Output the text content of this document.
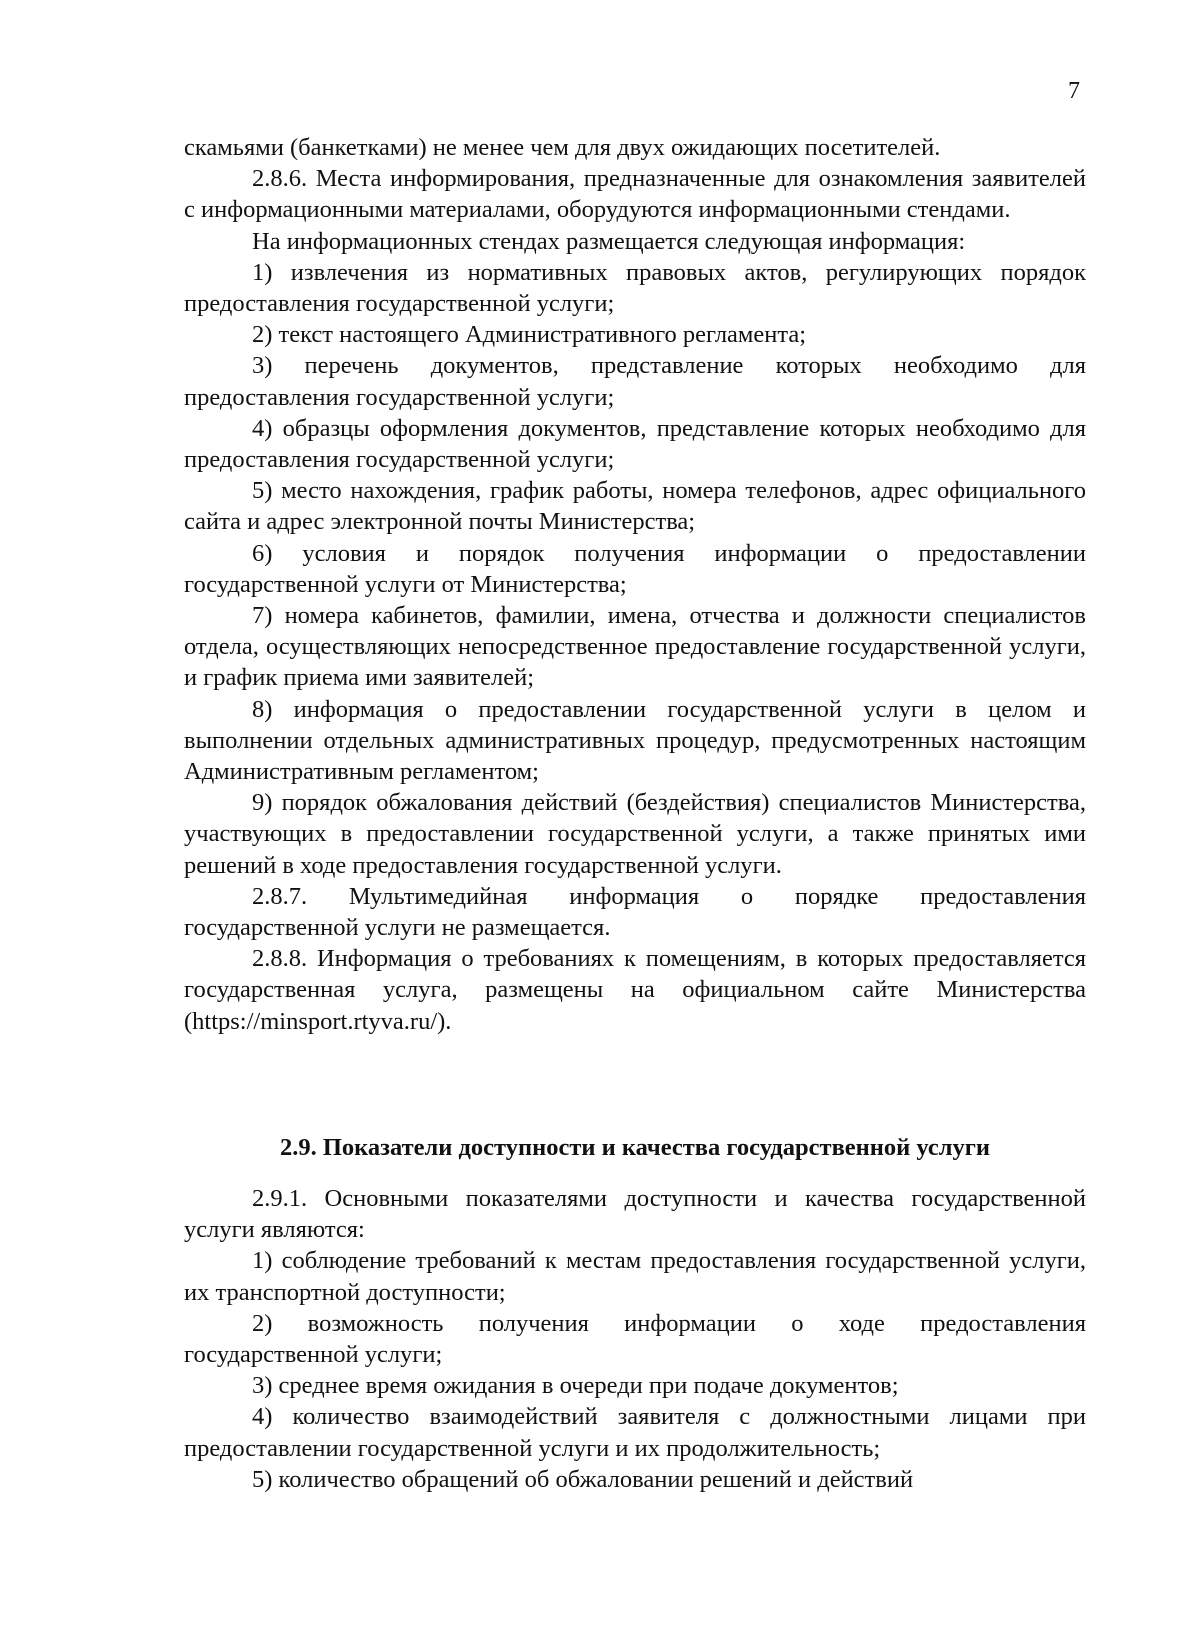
7

скамьями (банкетками) не менее чем для двух ожидающих посетителей.

2.8.6. Места информирования, предназначенные для ознакомления заявителей с информационными материалами, оборудуются информационными стендами.

На информационных стендах размещается следующая информация:

1) извлечения из нормативных правовых актов, регулирующих порядок предоставления государственной услуги;

2) текст настоящего Административного регламента;

3) перечень документов, представление которых необходимо для предоставления государственной услуги;

4) образцы оформления документов, представление которых необходимо для предоставления государственной услуги;

5) место нахождения, график работы, номера телефонов, адрес официального сайта и адрес электронной почты Министерства;

6) условия и порядок получения информации о предоставлении государственной услуги от Министерства;

7) номера кабинетов, фамилии, имена, отчества и должности специалистов отдела, осуществляющих непосредственное предоставление государственной услуги, и график приема ими заявителей;

8) информация о предоставлении государственной услуги в целом и выполнении отдельных административных процедур, предусмотренных настоящим Административным регламентом;

9) порядок обжалования действий (бездействия) специалистов Министерства, участвующих в предоставлении государственной услуги, а также принятых ими решений в ходе предоставления государственной услуги.

2.8.7. Мультимедийная информация о порядке предоставления государственной услуги не размещается.

2.8.8. Информация о требованиях к помещениям, в которых предоставляется государственная услуга, размещены на официальном сайте Министерства (https://minsport.rtyva.ru/).

2.9. Показатели доступности и качества государственной услуги

2.9.1. Основными показателями доступности и качества государственной услуги являются:

1) соблюдение требований к местам предоставления государственной услуги, их транспортной доступности;

2) возможность получения информации о ходе предоставления государственной услуги;

3) среднее время ожидания в очереди при подаче документов;

4) количество взаимодействий заявителя с должностными лицами при предоставлении государственной услуги и их продолжительность;

5) количество обращений об обжаловании решений и действий
